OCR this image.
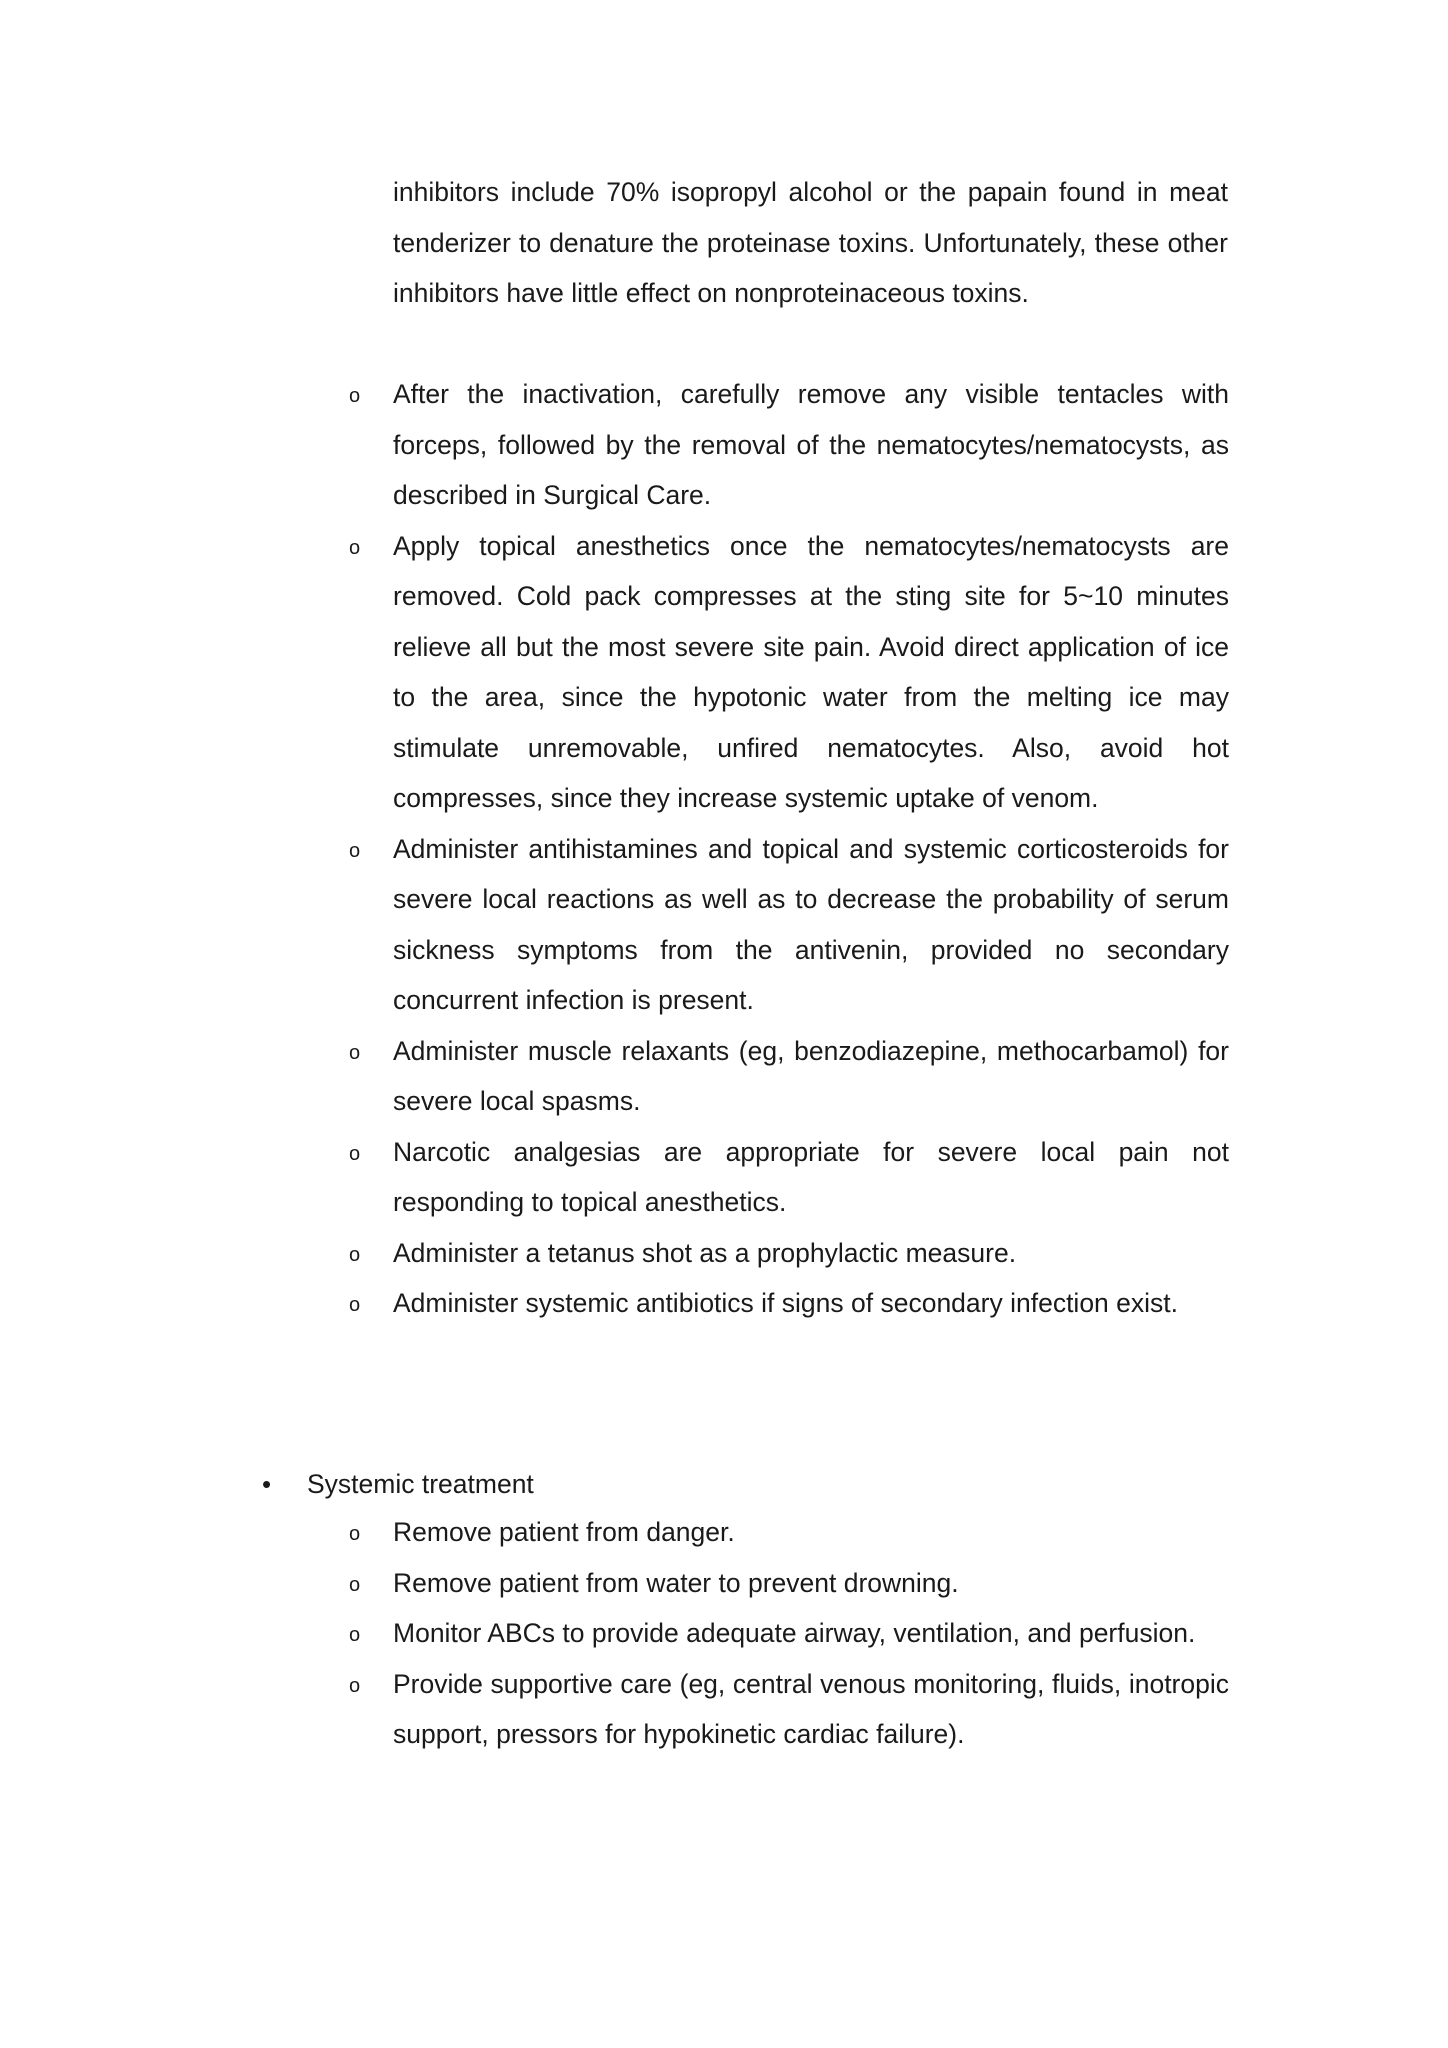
inhibitors include 70% isopropyl alcohol or the papain found in meat tenderizer to denature the proteinase toxins. Unfortunately, these other inhibitors have little effect on nonproteinaceous toxins.
o After the inactivation, carefully remove any visible tentacles with forceps, followed by the removal of the nematocytes/nematocysts, as described in Surgical Care.
o Apply topical anesthetics once the nematocytes/nematocysts are removed. Cold pack compresses at the sting site for 5~10 minutes relieve all but the most severe site pain. Avoid direct application of ice to the area, since the hypotonic water from the melting ice may stimulate unremovable, unfired nematocytes. Also, avoid hot compresses, since they increase systemic uptake of venom.
o Administer antihistamines and topical and systemic corticosteroids for severe local reactions as well as to decrease the probability of serum sickness symptoms from the antivenin, provided no secondary concurrent infection is present.
o Administer muscle relaxants (eg, benzodiazepine, methocarbamol) for severe local spasms.
o Narcotic analgesias are appropriate for severe local pain not responding to topical anesthetics.
o Administer a tetanus shot as a prophylactic measure.
o Administer systemic antibiotics if signs of secondary infection exist.
• Systemic treatment
o Remove patient from danger.
o Remove patient from water to prevent drowning.
o Monitor ABCs to provide adequate airway, ventilation, and perfusion.
o Provide supportive care (eg, central venous monitoring, fluids, inotropic support, pressors for hypokinetic cardiac failure).
